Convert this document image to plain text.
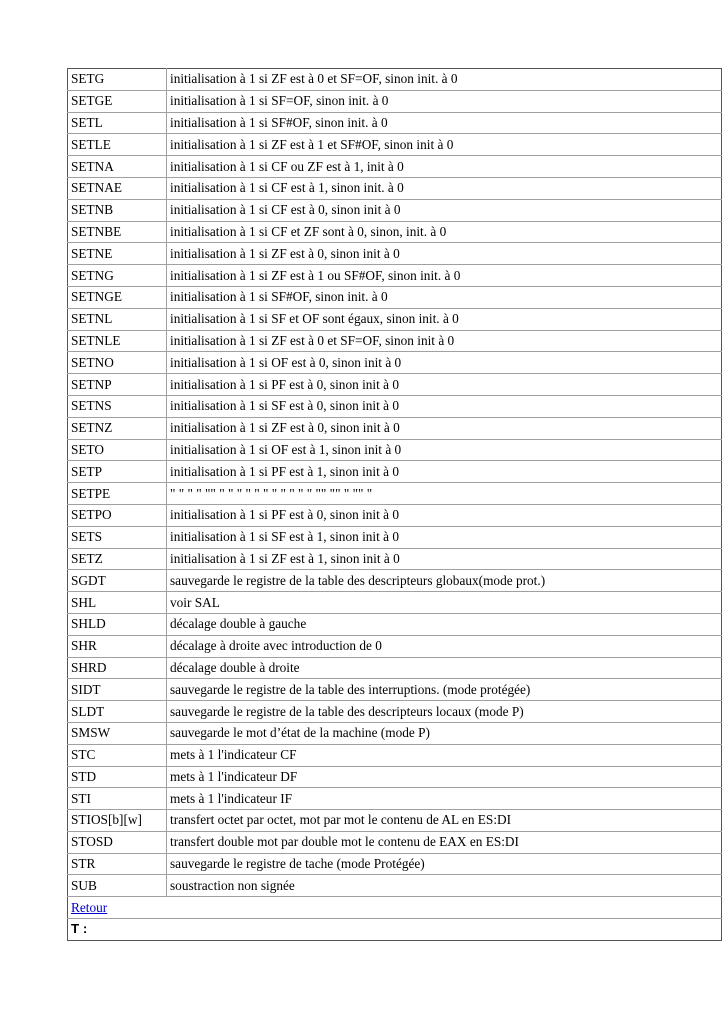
SETG	initialisation à 1 si ZF est à 0 et SF=OF, sinon init. à 0
SETGE	initialisation à 1 si SF=OF, sinon init. à 0
SETL	initialisation à 1 si SF#OF, sinon init. à 0
SETLE	initialisation à 1 si ZF est à 1 et SF#OF, sinon init à 0
SETNA	initialisation à 1 si CF ou ZF est à 1, init à 0
SETNAE	initialisation à 1 si CF est à 1, sinon init. à 0
SETNB	initialisation à 1 si CF est à 0, sinon init à 0
SETNBE	initialisation à 1 si CF et ZF sont à 0, sinon, init. à 0
SETNE	initialisation à 1 si ZF est à 0, sinon init à 0
SETNG	initialisation à 1 si ZF est à 1 ou SF#OF, sinon init. à 0
SETNGE	initialisation à 1 si SF#OF, sinon init. à 0
SETNL	initialisation à 1 si SF et OF sont égaux, sinon init. à 0
SETNLE	initialisation à 1 si ZF est à 0 et SF=OF, sinon init à 0
SETNO	initialisation à 1 si OF est à 0, sinon init à 0
SETNP	initialisation à 1 si PF est à 0, sinon init à 0
SETNS	initialisation à 1 si SF est à 0, sinon init à 0
SETNZ	initialisation à 1 si ZF est à 0, sinon init à 0
SETO	initialisation à 1 si OF est à 1, sinon init à 0
SETP	initialisation à 1 si PF est à 1, sinon init à 0
SETPE	" " " " "" " " " " " " " " " " " "" "" " "" "
SETPO	initialisation à 1 si PF est à 0, sinon init à 0
SETS	initialisation à 1 si SF est à 1, sinon init à 0
SETZ	initialisation à 1 si ZF est à 1, sinon init à 0
SGDT	sauvegarde le registre de la table des descripteurs globaux(mode prot.)
SHL	voir SAL
SHLD	décalage double à gauche
SHR	décalage à droite avec introduction de 0
SHRD	décalage double à droite
SIDT	sauvegarde le registre de la table des interruptions. (mode protégée)
SLDT	sauvegarde le registre de la table des descripteurs locaux (mode P)
SMSW	sauvegarde le mot d’état de la machine (mode P)
STC	mets à 1 l'indicateur CF
STD	mets à 1 l'indicateur DF
STI	mets à 1 l'indicateur IF
STIOS[b][w]	transfert octet par octet, mot par mot le contenu de AL en ES:DI
STOSD	transfert double mot par double mot le contenu de EAX en ES:DI
STR	sauvegarde le registre de tache (mode Protégée)
SUB	soustraction non signée
Retour	
T :	
